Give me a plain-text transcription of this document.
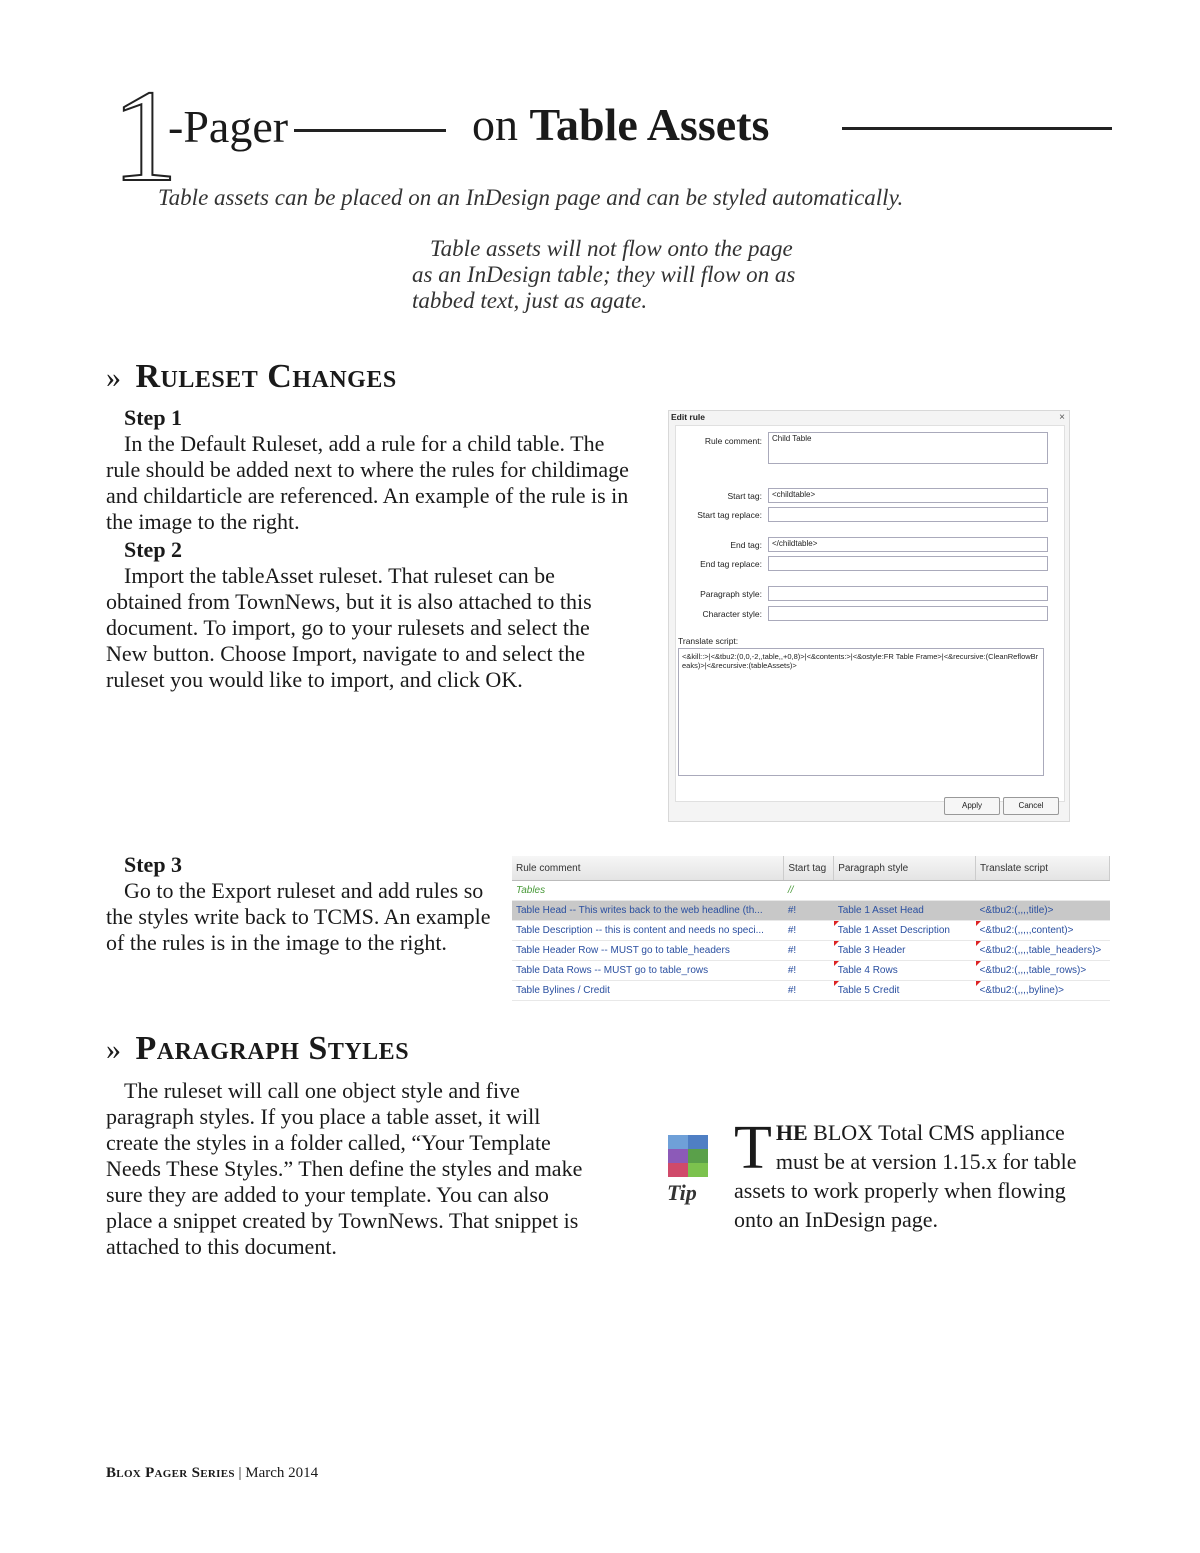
1
-Pager	on Table Assets
Table assets can be placed on an InDesign page and can be styled automatically.
Table assets will not flow onto the page
as an InDesign table; they will flow on as
tabbed text, just as agate.
» Ruleset Changes
Step 1
In the Default Ruleset, add a rule for a child table. The rule should be added next to where the rules for childimage and childarticle are referenced. An example of the rule is in the image to the right.
Step 2
Import the tableAsset ruleset. That ruleset can be obtained from TownNews, but it is also attached to this document. To import, go to your rulesets and select the New button. Choose Import, navigate to and select the ruleset you would like to import, and click OK.
Edit rule	×
Rule comment:	Child Table
Start tag:	<childtable>
Start tag replace:
End tag:	</childtable>
End tag replace:
Paragraph style:
Character style:
Translate script:
<&kill::>|<&tbu2:(0,0,-2,,table,,+0,8)>|<&contents:>|<&ostyle:FR Table Frame>|<&recursive:(CleanReflowBreaks)>|<&recursive:(tableAssets)>
Apply	Cancel
Step 3
Go to the Export ruleset and add rules so the styles write back to TCMS. An example of the rules is in the image to the right.
Rule comment	Start tag	Paragraph style	Translate script
Tables	//		
Table Head -- This writes back to the web headline (th...	#!	Table 1 Asset Head	<&tbu2:(,,,,title)>
Table Description -- this is content and needs no speci...	#!	Table 1 Asset Description	<&tbu2:(,,,,,content)>
Table Header Row -- MUST go to table_headers	#!	Table 3 Header	<&tbu2:(,,,,table_headers)>
Table Data Rows -- MUST go to table_rows	#!	Table 4 Rows	<&tbu2:(,,,,table_rows)>
Table Bylines / Credit	#!	Table 5 Credit	<&tbu2:(,,,,byline)>
» Paragraph Styles
The ruleset will call one object style and five paragraph styles. If you place a table asset, it will create the styles in a folder called, “Your Template Needs These Styles.” Then define the styles and make sure they are added to your template. You can also place a snippet created by TownNews. That snippet is attached to this document.
Tip
THE BLOX Total CMS appliance must be at version 1.15.x for table assets to work properly when flowing onto an InDesign page.
Blox Pager Series | March 2014
